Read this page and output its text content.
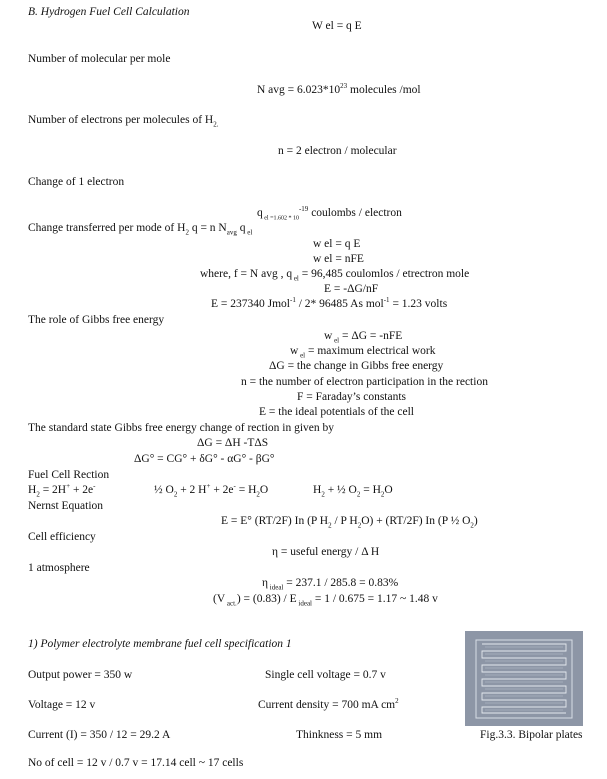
B. Hydrogen Fuel Cell Calculation
W el = q E
Number of molecular per mole
N avg = $6.023*10^{23}$ molecules /mol
Number of electrons per molecules of $H_{2.}$
n = 2 electron / molecular
Change of 1 electron
q $_{el =1.602 * 10}^{-19}$ coulombs / electron
Change transferred per mode of $H_2$ q = n $N_{avg}$ q $_{el}$
w el = q E
w el = nFE
where, f = N avg , q $_{el}$ = 96,485 coulomlos / etrectron mole
E = -ΔG/nF
E = 237340 Jmol$^{-1}$ / 2* 96485 As mol$^{-1}$ = 1.23 volts
The role of Gibbs free energy
w $_{el}$ = ΔG = -nFE
w $_{el}$ = maximum electrical work
ΔG = the change in Gibbs free energy
n = the number of electron participation in the rection
F = Faraday’s constants
E = the ideal potentials of the cell
The standard state Gibbs free energy change of rection in given by
ΔG = ΔH -TΔS
ΔG° = CG° + δG° - αG° - βG°
Fuel Cell Rection
$H_2 = 2H^+ + 2e^-$	½ $O_2 + 2$ $H^+ + 2e^- = H_2O$	$H_2$ + ½ $O_2 = H_2O$
Nernst Equation
E = E° (RT/2F) In (P $H_2$ / P $H_2O) + (RT/2F)$ In (P ½ $O_2$)
Cell efficiency
η = useful energy / Δ H
1 atmosphere
η $_{ideal}$ = 237.1 / 285.8 = 0.83%
(V $_{act.}$) = (0.83) / E $_{ideal}$ = 1 / 0.675 = 1.17 ~ 1.48 v
1) Polymer electrolyte membrane fuel cell specification 1
Output power = 350 w	Single cell voltage = 0.7 v
Voltage = 12 v	Current density = 700 mA $cm^2$
Current (I) = 350 / 12 = 29.2 A	Thinkness = 5 mm
No of cell = 12 v / 0.7 v = 17.14 cell ~ 17 cells
Fig.3.3. Bipolar plates
